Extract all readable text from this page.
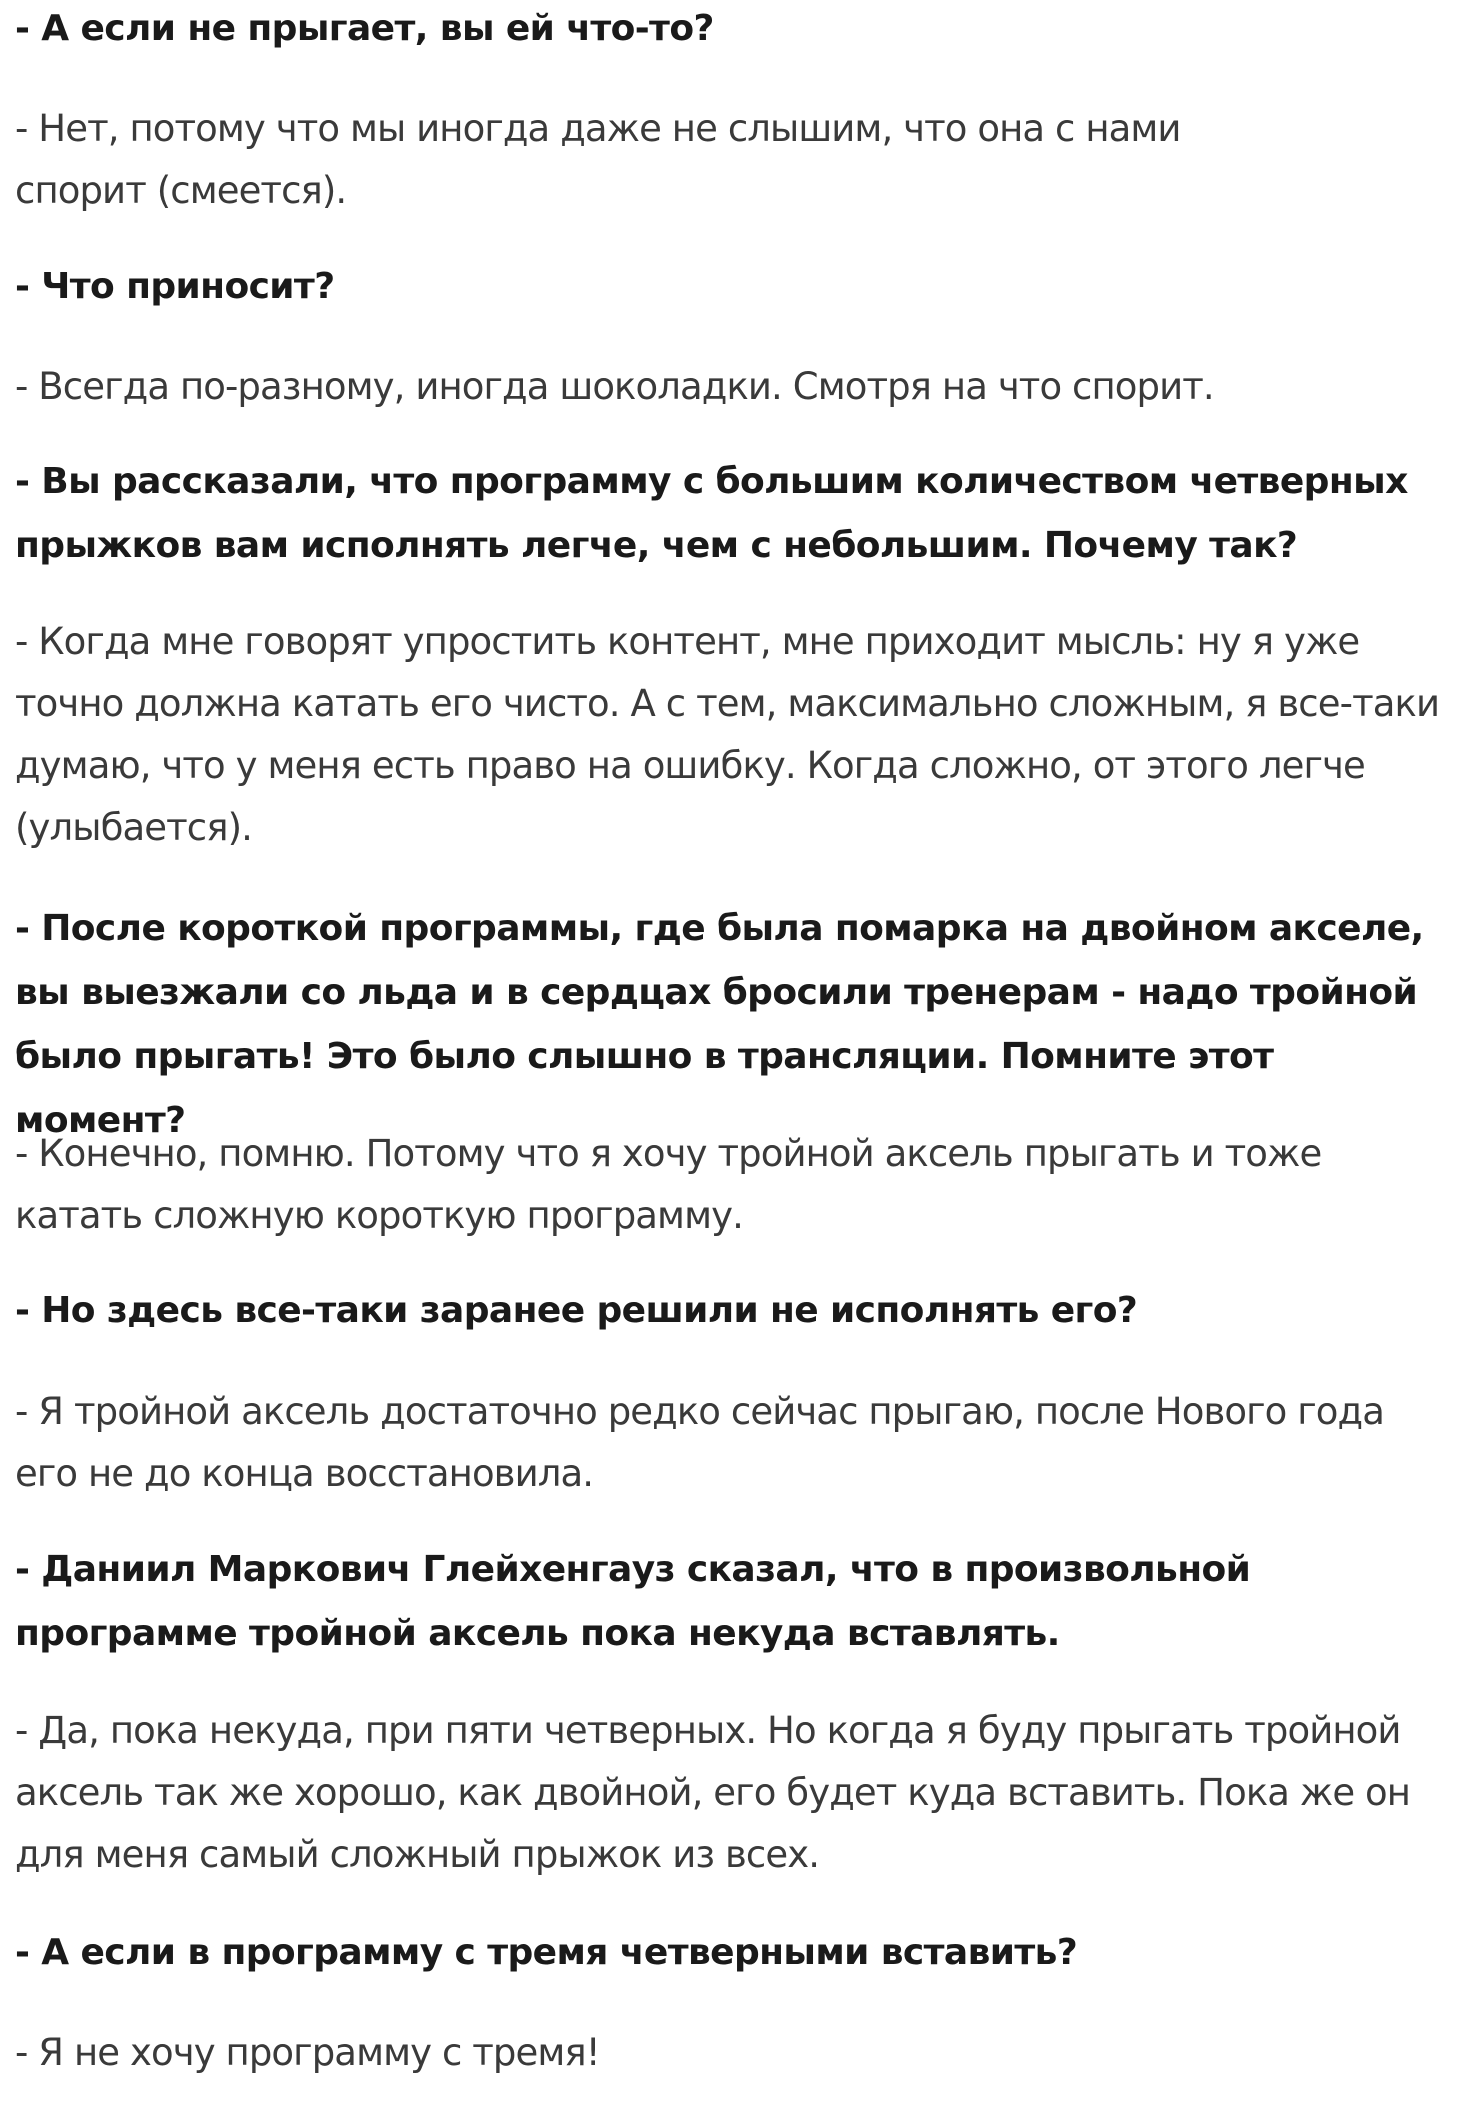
- А если не прыгает, вы ей что-то?

- Нет, потому что мы иногда даже не слышим, что она с нами спорит (смеется).

- Что приносит?

- Всегда по-разному, иногда шоколадки. Смотря на что спорит.

- Вы рассказали, что программу с большим количеством четверных прыжков вам исполнять легче, чем с небольшим. Почему так?

- Когда мне говорят упростить контент, мне приходит мысль: ну я уже точно должна катать его чисто. А с тем, максимально сложным, я все-таки думаю, что у меня есть право на ошибку. Когда сложно, от этого легче (улыбается).

- После короткой программы, где была помарка на двойном акселе, вы выезжали со льда и в сердцах бросили тренерам - надо тройной было прыгать! Это было слышно в трансляции. Помните этот момент?

- Конечно, помню. Потому что я хочу тройной аксель прыгать и тоже катать сложную короткую программу.

- Но здесь все-таки заранее решили не исполнять его?

- Я тройной аксель достаточно редко сейчас прыгаю, после Нового года его не до конца восстановила.

- Даниил Маркович Глейхенгауз сказал, что в произвольной программе тройной аксель пока некуда вставлять.

- Да, пока некуда, при пяти четверных. Но когда я буду прыгать тройной аксель так же хорошо, как двойной, его будет куда вставить. Пока же он для меня самый сложный прыжок из всех.

- А если в программу с тремя четверными вставить?

- Я не хочу программу с тремя!
